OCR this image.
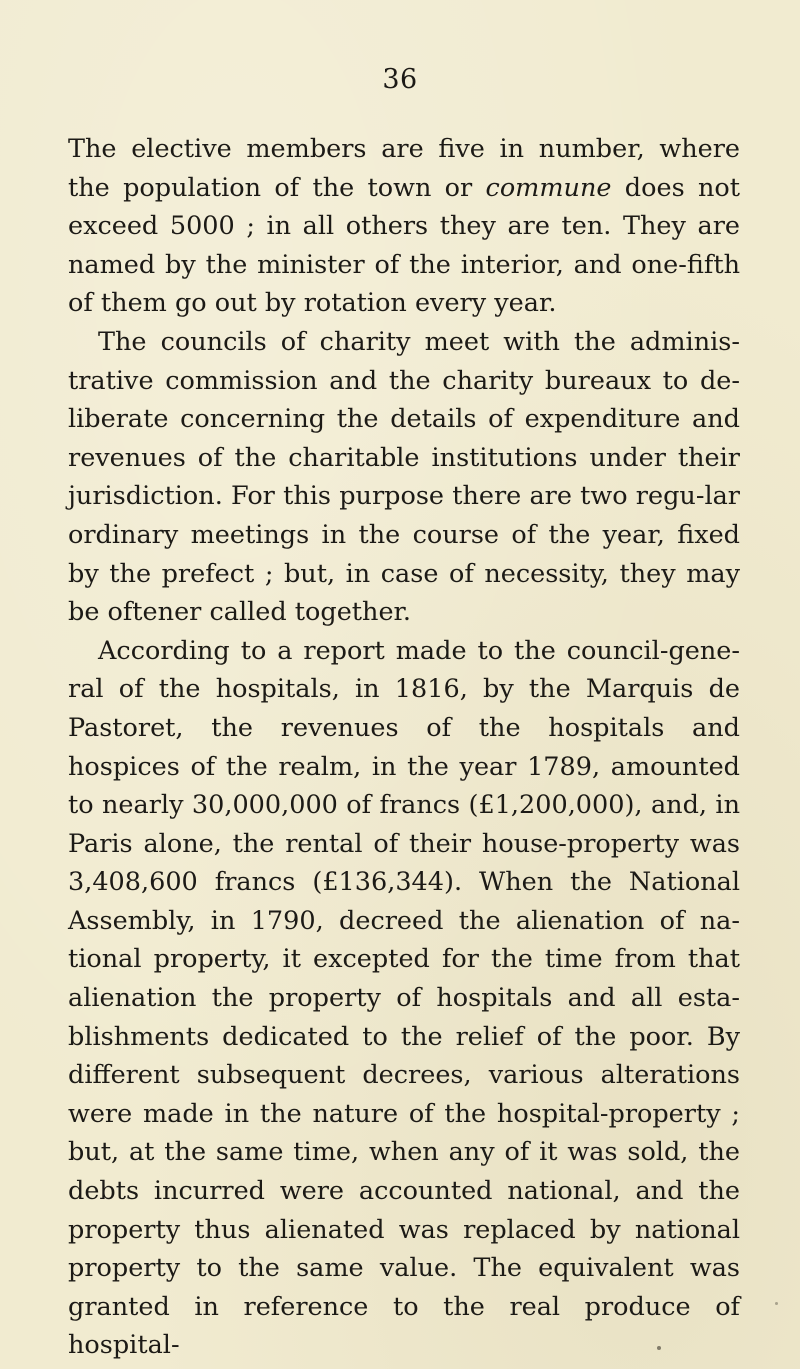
36

The elective members are five in number, where the population of the town or commune does not exceed 5000 ; in all others they are ten. They are named by the minister of the interior, and one-fifth of them go out by rotation every year.

The councils of charity meet with the adminis-trative commission and the charity bureaux to de-liberate concerning the details of expenditure and revenues of the charitable institutions under their jurisdiction. For this purpose there are two regu-lar ordinary meetings in the course of the year, fixed by the prefect ; but, in case of necessity, they may be oftener called together.

According to a report made to the council-gene-ral of the hospitals, in 1816, by the Marquis de Pastoret, the revenues of the hospitals and hospices of the realm, in the year 1789, amounted to nearly 30,000,000 of francs (£1,200,000), and, in Paris alone, the rental of their house-property was 3,408,600 francs (£136,344). When the National Assembly, in 1790, decreed the alienation of na-tional property, it excepted for the time from that alienation the property of hospitals and all esta-blishments dedicated to the relief of the poor. By different subsequent decrees, various alterations were made in the nature of the hospital-property ; but, at the same time, when any of it was sold, the debts incurred were accounted national, and the property thus alienated was replaced by national property to the same value. The equivalent was granted in reference to the real produce of hospital-
